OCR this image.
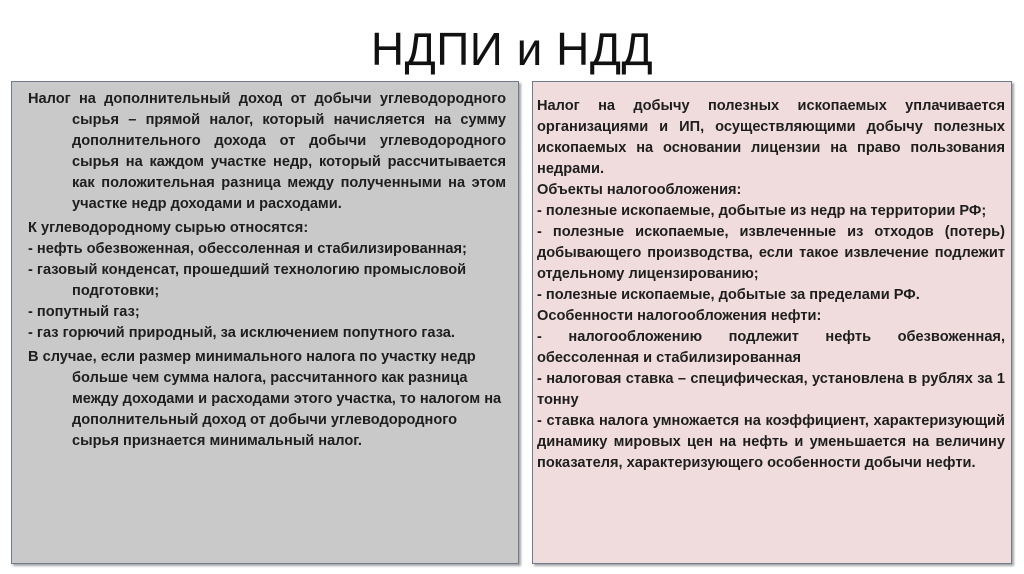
НДПИ и НДД

Налог на дополнительный доход от добычи углеводородного сырья – прямой налог, который начисляется на сумму дополнительного дохода от добычи углеводородного сырья на каждом участке недр, который рассчитывается как положительная разница между полученными на этом участке недр доходами и расходами.

К углеводородному сырью относятся:

- нефть обезвоженная, обессоленная и стабилизированная;

- газовый конденсат, прошедший технологию промысловой подготовки;

- попутный газ;

- газ горючий природный, за исключением попутного газа.

В случае, если размер минимального налога по участку недр больше чем сумма налога, рассчитанного как разница между доходами и расходами этого участка, то налогом на дополнительный доход от добычи углеводородного сырья признается минимальный налог.

Налог на добычу полезных ископаемых уплачивается организациями и ИП, осуществляющими добычу полезных ископаемых на основании лицензии на право пользования недрами.

Объекты налогообложения:

- полезные ископаемые, добытые из недр на территории РФ;

- полезные ископаемые, извлеченные из отходов (потерь) добывающего производства, если такое извлечение подлежит отдельному лицензированию;

- полезные ископаемые, добытые за пределами РФ.

Особенности налогообложения нефти:

- налогообложению подлежит нефть обезвоженная, обессоленная и стабилизированная

- налоговая ставка – специфическая, установлена в рублях за 1 тонну

- ставка налога умножается на коэффициент, характеризующий динамику мировых цен на нефть и уменьшается на величину показателя, характеризующего особенности добычи нефти.
